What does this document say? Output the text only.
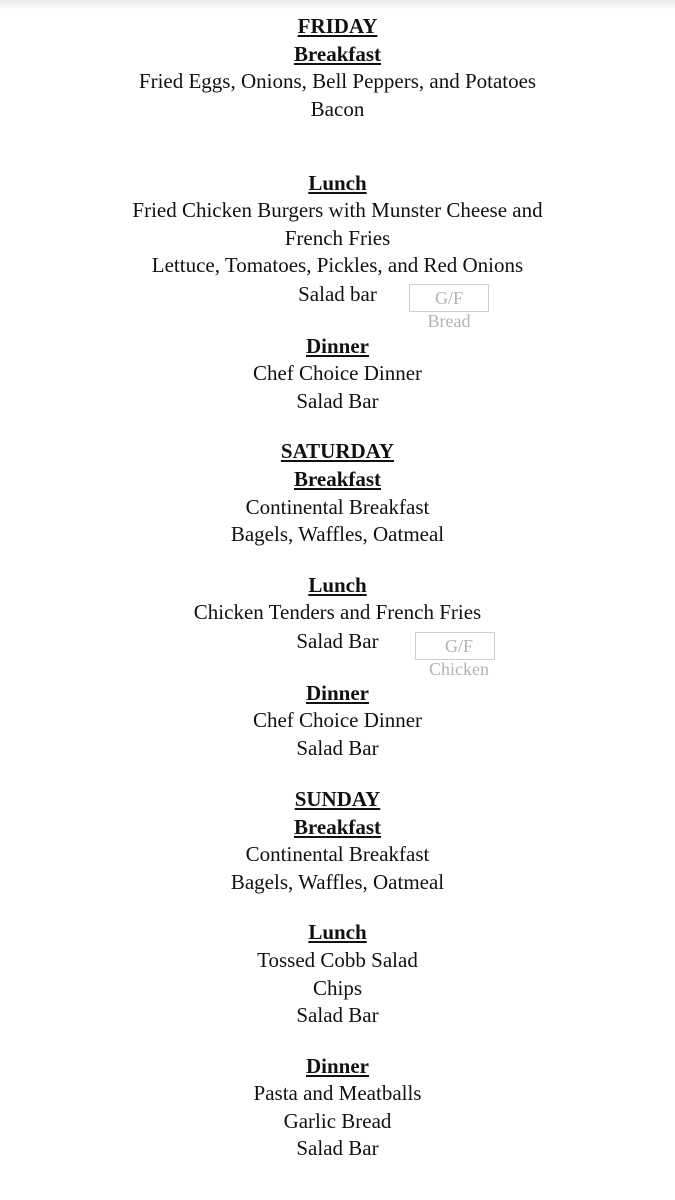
FRIDAY
Breakfast
Fried Eggs, Onions, Bell Peppers, and Potatoes
Bacon
Lunch
Fried Chicken Burgers with Munster Cheese and
French Fries
Lettuce, Tomatoes, Pickles, and Red Onions
Salad bar	G/F
Bread
Dinner
Chef Choice Dinner
Salad Bar
SATURDAY
Breakfast
Continental Breakfast
Bagels, Waffles, Oatmeal
Lunch
Chicken Tenders and French Fries
Salad Bar	G/F
Chicken
Dinner
Chef Choice Dinner
Salad Bar
SUNDAY
Breakfast
Continental Breakfast
Bagels, Waffles, Oatmeal
Lunch
Tossed Cobb Salad
Chips
Salad Bar
Dinner
Pasta and Meatballs
Garlic Bread
Salad Bar
